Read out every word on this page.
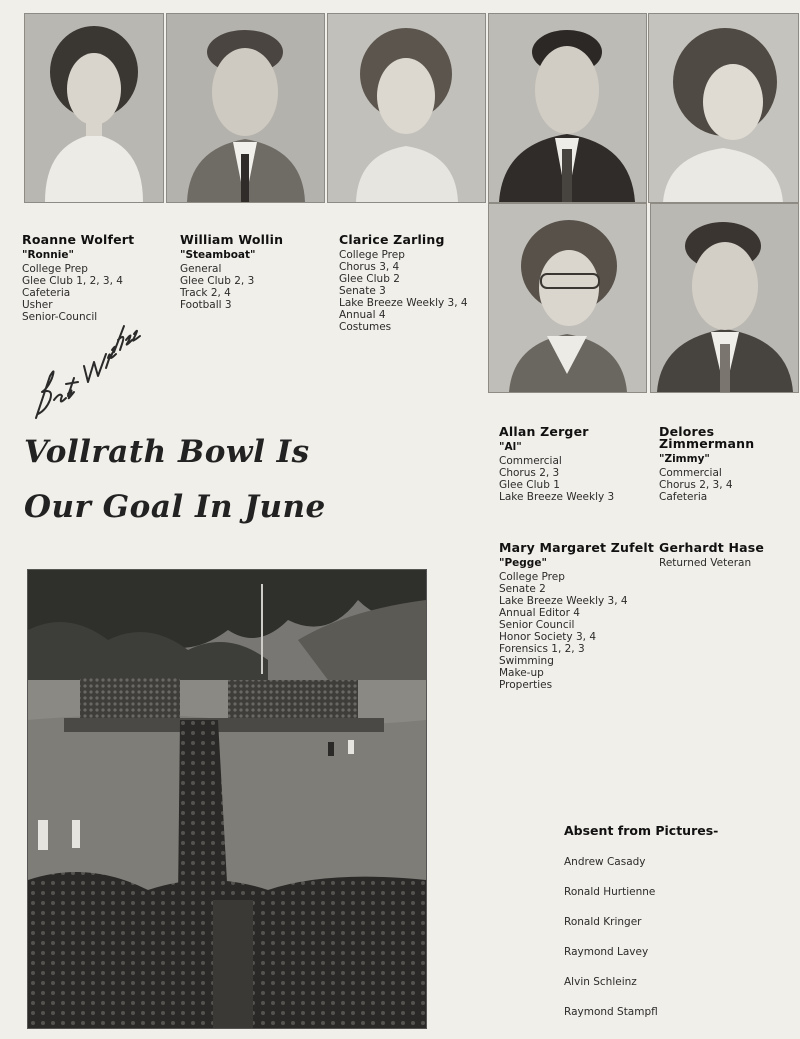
Roanne Wolfert
"Ronnie"
College Prep
Glee Club 1, 2, 3, 4
Cafeteria
Usher
Senior-Council
William Wollin
"Steamboat"
General
Glee Club 2, 3
Track 2, 4
Football 3
Clarice Zarling
College Prep
Chorus 3, 4
Glee Club 2
Senate 3
Lake Breeze Weekly 3, 4
Annual 4
Costumes
Allan Zerger
"Al"
Commercial
Chorus 2, 3
Glee Club 1
Lake Breeze Weekly 3
Delores Zimmermann
"Zimmy"
Commercial
Chorus 2, 3, 4
Cafeteria
Mary Margaret Zufelt
"Pegge"
College Prep
Senate 2
Lake Breeze Weekly 3, 4
Annual Editor 4
Senior Council
Honor Society 3, 4
Forensics 1, 2, 3
Swimming
Make-up
Properties
Gerhardt Hase
Returned Veteran
Vollrath Bowl Is
Our Goal In June
Absent from Pictures-
Andrew Casady
Ronald Hurtienne
Ronald Kringer
Raymond Lavey
Alvin Schleinz
Raymond Stampfl
